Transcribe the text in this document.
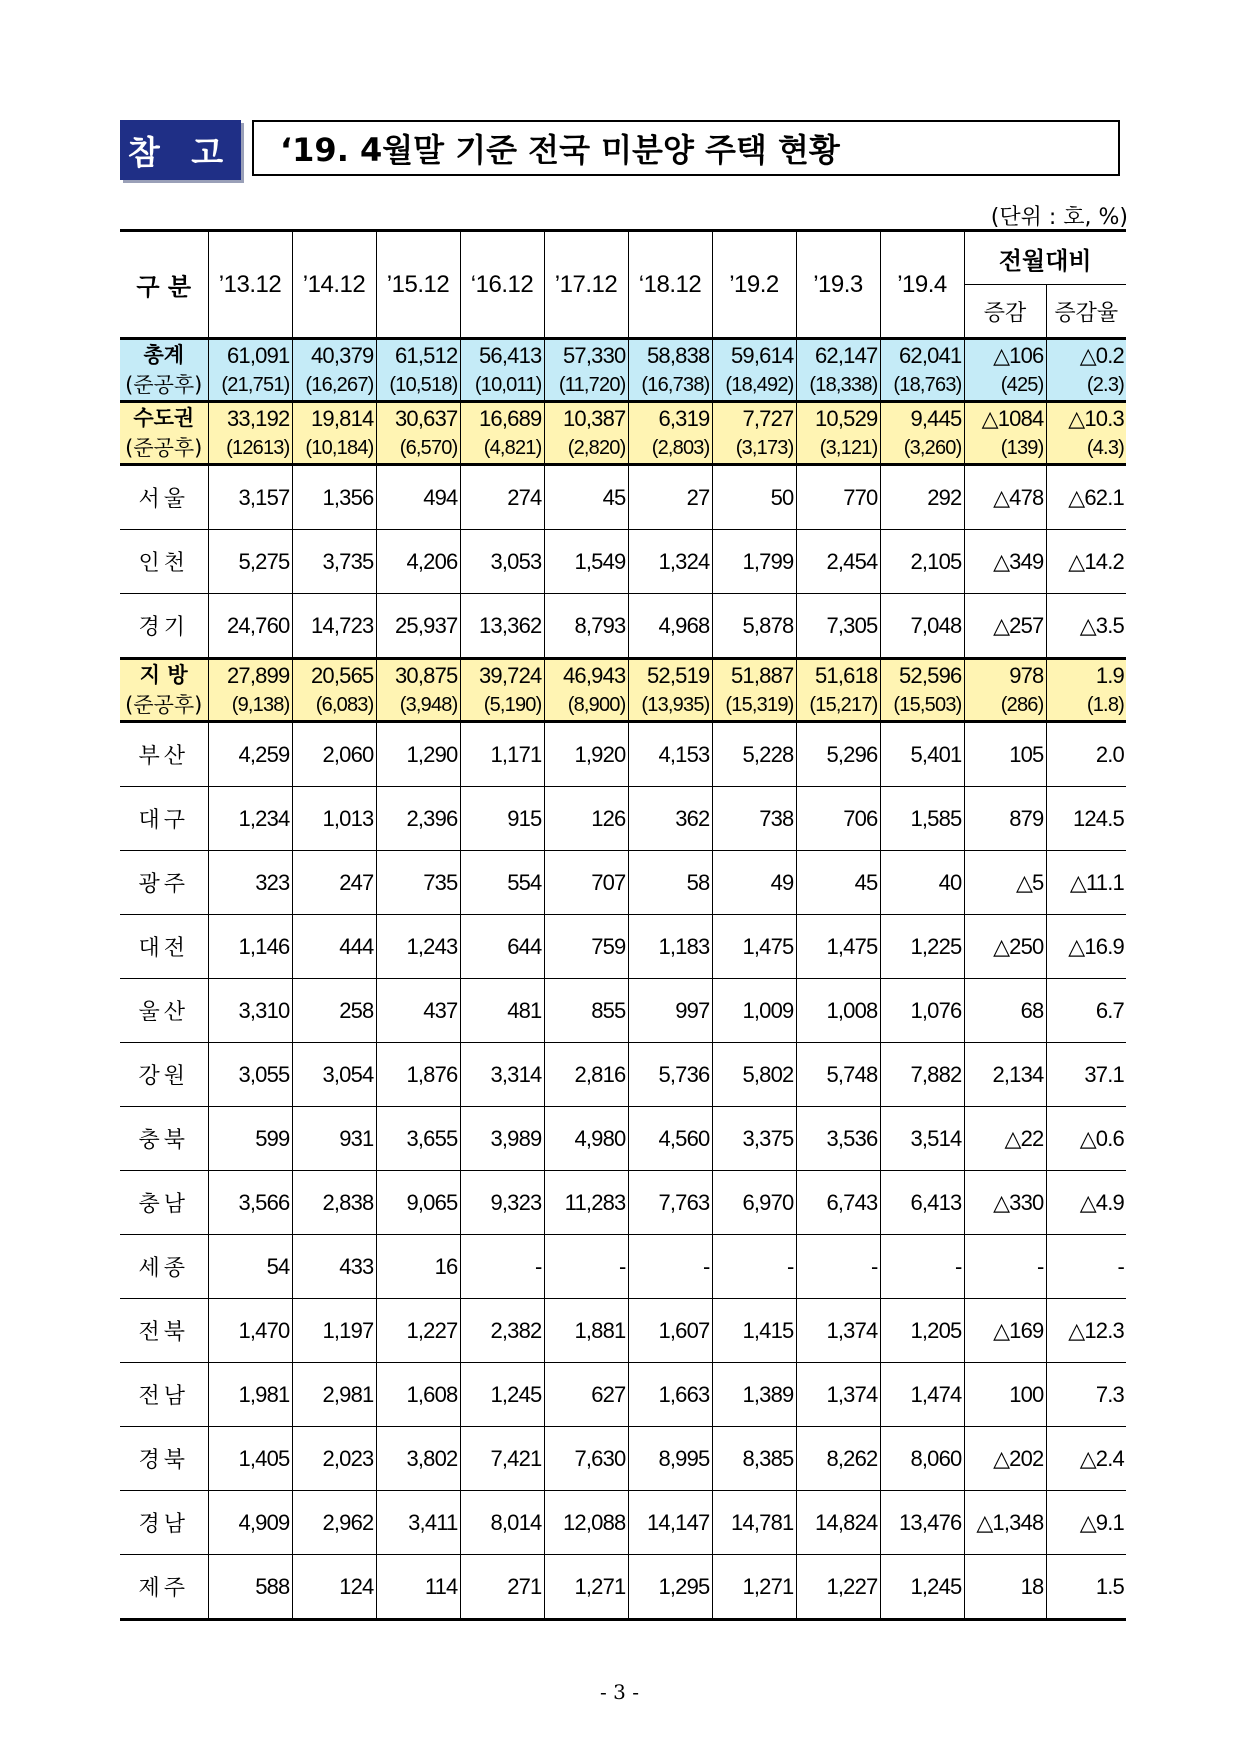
참 고	‘19. 4월말 기준 전국 미분양 주택 현황
(단위 : 호, %)
구 분	’13.12	’14.12	’15.12	‘16.12	’17.12	‘18.12	’19.2	’19.3	’19.4	전월대비	
										증감	증감율
총계	61,091	40,379	61,512	56,413	57,330	58,838	59,614	62,147	62,041	△106	△0.2
(준공후)	(21,751)	(16,267)	(10,518)	(10,011)	(11,720)	(16,738)	(18,492)	(18,338)	(18,763)	(425)	(2.3)
수도권	33,192	19,814	30,637	16,689	10,387	6,319	7,727	10,529	9,445	△1084	△10.3
(준공후)	(12613)	(10,184)	(6,570)	(4,821)	(2,820)	(2,803)	(3,173)	(3,121)	(3,260)	(139)	(4.3)
서울	3,157	1,356	494	274	45	27	50	770	292	△478	△62.1
인천	5,275	3,735	4,206	3,053	1,549	1,324	1,799	2,454	2,105	△349	△14.2
경기	24,760	14,723	25,937	13,362	8,793	4,968	5,878	7,305	7,048	△257	△3.5
지 방	27,899	20,565	30,875	39,724	46,943	52,519	51,887	51,618	52,596	978	1.9
(준공후)	(9,138)	(6,083)	(3,948)	(5,190)	(8,900)	(13,935)	(15,319)	(15,217)	(15,503)	(286)	(1.8)
부산	4,259	2,060	1,290	1,171	1,920	4,153	5,228	5,296	5,401	105	2.0
대구	1,234	1,013	2,396	915	126	362	738	706	1,585	879	124.5
광주	323	247	735	554	707	58	49	45	40	△5	△11.1
대전	1,146	444	1,243	644	759	1,183	1,475	1,475	1,225	△250	△16.9
울산	3,310	258	437	481	855	997	1,009	1,008	1,076	68	6.7
강원	3,055	3,054	1,876	3,314	2,816	5,736	5,802	5,748	7,882	2,134	37.1
충북	599	931	3,655	3,989	4,980	4,560	3,375	3,536	3,514	△22	△0.6
충남	3,566	2,838	9,065	9,323	11,283	7,763	6,970	6,743	6,413	△330	△4.9
세종	54	433	16	-	-	-	-	-	-	-	-
전북	1,470	1,197	1,227	2,382	1,881	1,607	1,415	1,374	1,205	△169	△12.3
전남	1,981	2,981	1,608	1,245	627	1,663	1,389	1,374	1,474	100	7.3
경북	1,405	2,023	3,802	7,421	7,630	8,995	8,385	8,262	8,060	△202	△2.4
경남	4,909	2,962	3,411	8,014	12,088	14,147	14,781	14,824	13,476	△1,348	△9.1
제주	588	124	114	271	1,271	1,295	1,271	1,227	1,245	18	1.5
- 3 -
